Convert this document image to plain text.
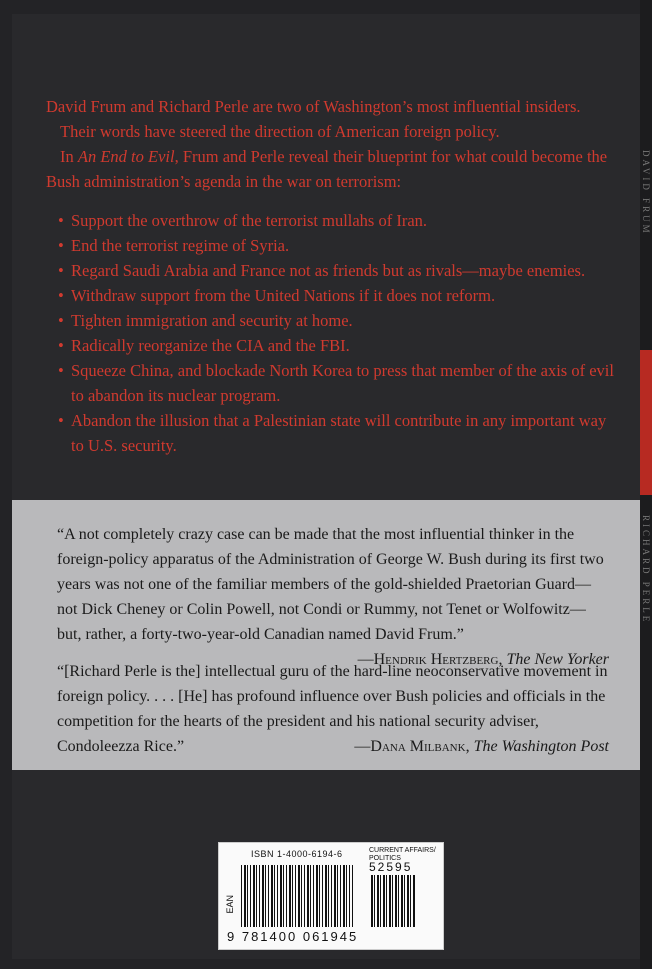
DAVID FRUM
RICHARD PERLE

David Frum and Richard Perle are two of Washington’s most influential insiders.

Their words have steered the direction of American foreign policy.

In An End to Evil, Frum and Perle reveal their blueprint for what could become the Bush administration’s agenda in the war on terrorism:

• Support the overthrow of the terrorist mullahs of Iran.
• End the terrorist regime of Syria.
• Regard Saudi Arabia and France not as friends but as rivals—maybe enemies.
• Withdraw support from the United Nations if it does not reform.
• Tighten immigration and security at home.
• Radically reorganize the CIA and the FBI.
• Squeeze China, and blockade North Korea to press that member of the axis of evil to abandon its nuclear program.
• Abandon the illusion that a Palestinian state will contribute in any important way to U.S. security.
“A not completely crazy case can be made that the most influential thinker in the foreign-policy apparatus of the Administration of George W. Bush during its first two years was not one of the familiar members of the gold-shielded Praetorian Guard—not Dick Cheney or Colin Powell, not Condi or Rummy, not Tenet or Wolfowitz—but, rather, a forty-two-year-old Canadian named David Frum.”
—Hendrik Hertzberg, The New Yorker
“[Richard Perle is the] intellectual guru of the hard-line neoconservative movement in foreign policy. . . . [He] has profound influence over Bush policies and officials in the competition for the hearts of the president and his national security adviser, Condoleezza Rice.”	—Dana Milbank, The Washington Post
ISBN 1-4000-6194-6	CURRENT AFFAIRS/
POLITICS
EAN
52595
9 781400 061945
